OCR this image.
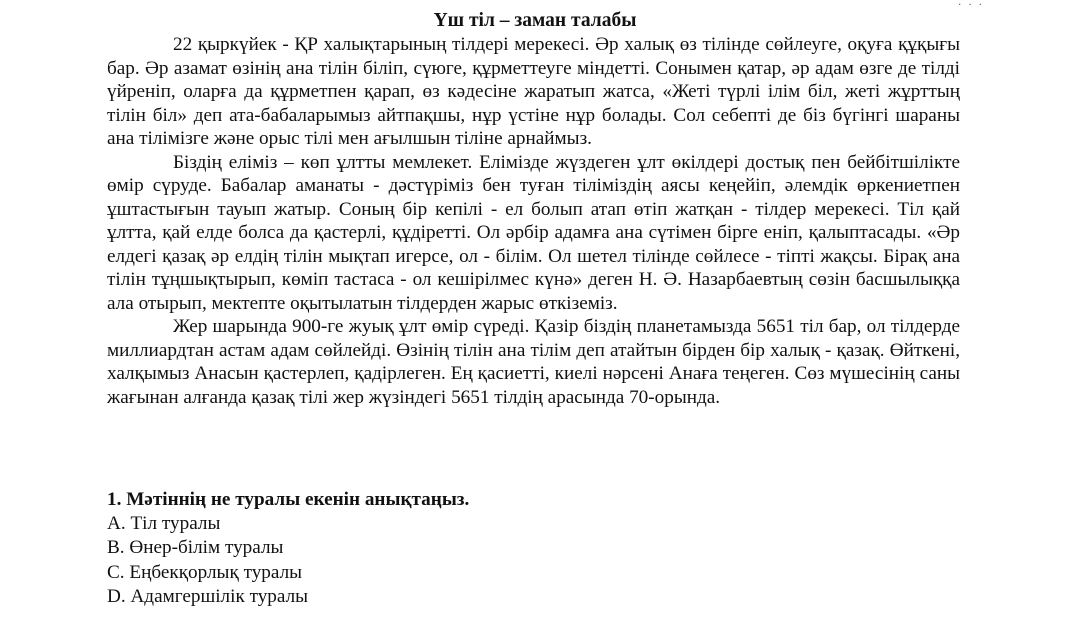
· · ·
Үш тіл – заман талабы

22 қыркүйек - ҚР халықтарының тілдері мерекесі. Әр халық өз тілінде сөйлеуге, оқуға құқығы бар. Әр азамат өзінің ана тілін біліп, сүюге, құрметтеуге міндетті. Сонымен қатар, әр адам өзге де тілді үйреніп, оларға да құрметпен қарап, өз кәдесіне жаратып жатса, «Жеті түрлі ілім біл, жеті жұрттың тілін біл» деп ата-бабаларымыз айтпақшы, нұр үстіне нұр болады. Сол себепті де біз бүгінгі шараны ана тілімізге және орыс тілі мен ағылшын тіліне арнаймыз.

Біздің еліміз – көп ұлтты мемлекет. Елімізде жүздеген ұлт өкілдері достық пен бейбітшілікте өмір сүруде. Бабалар аманаты - дәстүріміз бен туған тіліміздің аясы кеңейіп, әлемдік өркениетпен ұштастығын тауып жатыр. Соның бір кепілі - ел болып атап өтіп жатқан - тілдер мерекесі. Тіл қай ұлтта, қай елде болса да қастерлі, құдіретті. Ол әрбір адамға ана сүтімен бірге еніп, қалыптасады. «Әр елдегі қазақ әр елдің тілін мықтап игерсе, ол - білім. Ол шетел тілінде сөйлесе - тіпті жақсы. Бірақ ана тілін тұңшықтырып, көміп тастаса - ол кешірілмес күнә» деген Н. Ә. Назарбаевтың сөзін басшылыққа ала отырып, мектепте оқытылатын тілдерден жарыс өткіземіз.

Жер шарында 900-ге жуық ұлт өмір сүреді. Қазір біздің планетамызда 5651 тіл бар, ол тілдерде миллиардтан астам адам сөйлейді. Өзінің тілін ана тілім деп атайтын бірден бір халық - қазақ. Өйткені, халқымыз Анасын қастерлеп, қадірлеген. Ең қасиетті, киелі нәрсені Анаға теңеген. Сөз мүшесінің саны жағынан алғанда қазақ тілі жер жүзіндегі 5651 тілдің арасында 70-орында.

1. Мәтіннің не туралы екенін анықтаңыз.

A. Тіл туралы

B. Өнер-білім туралы

C. Еңбекқорлық туралы

D. Адамгершілік туралы
